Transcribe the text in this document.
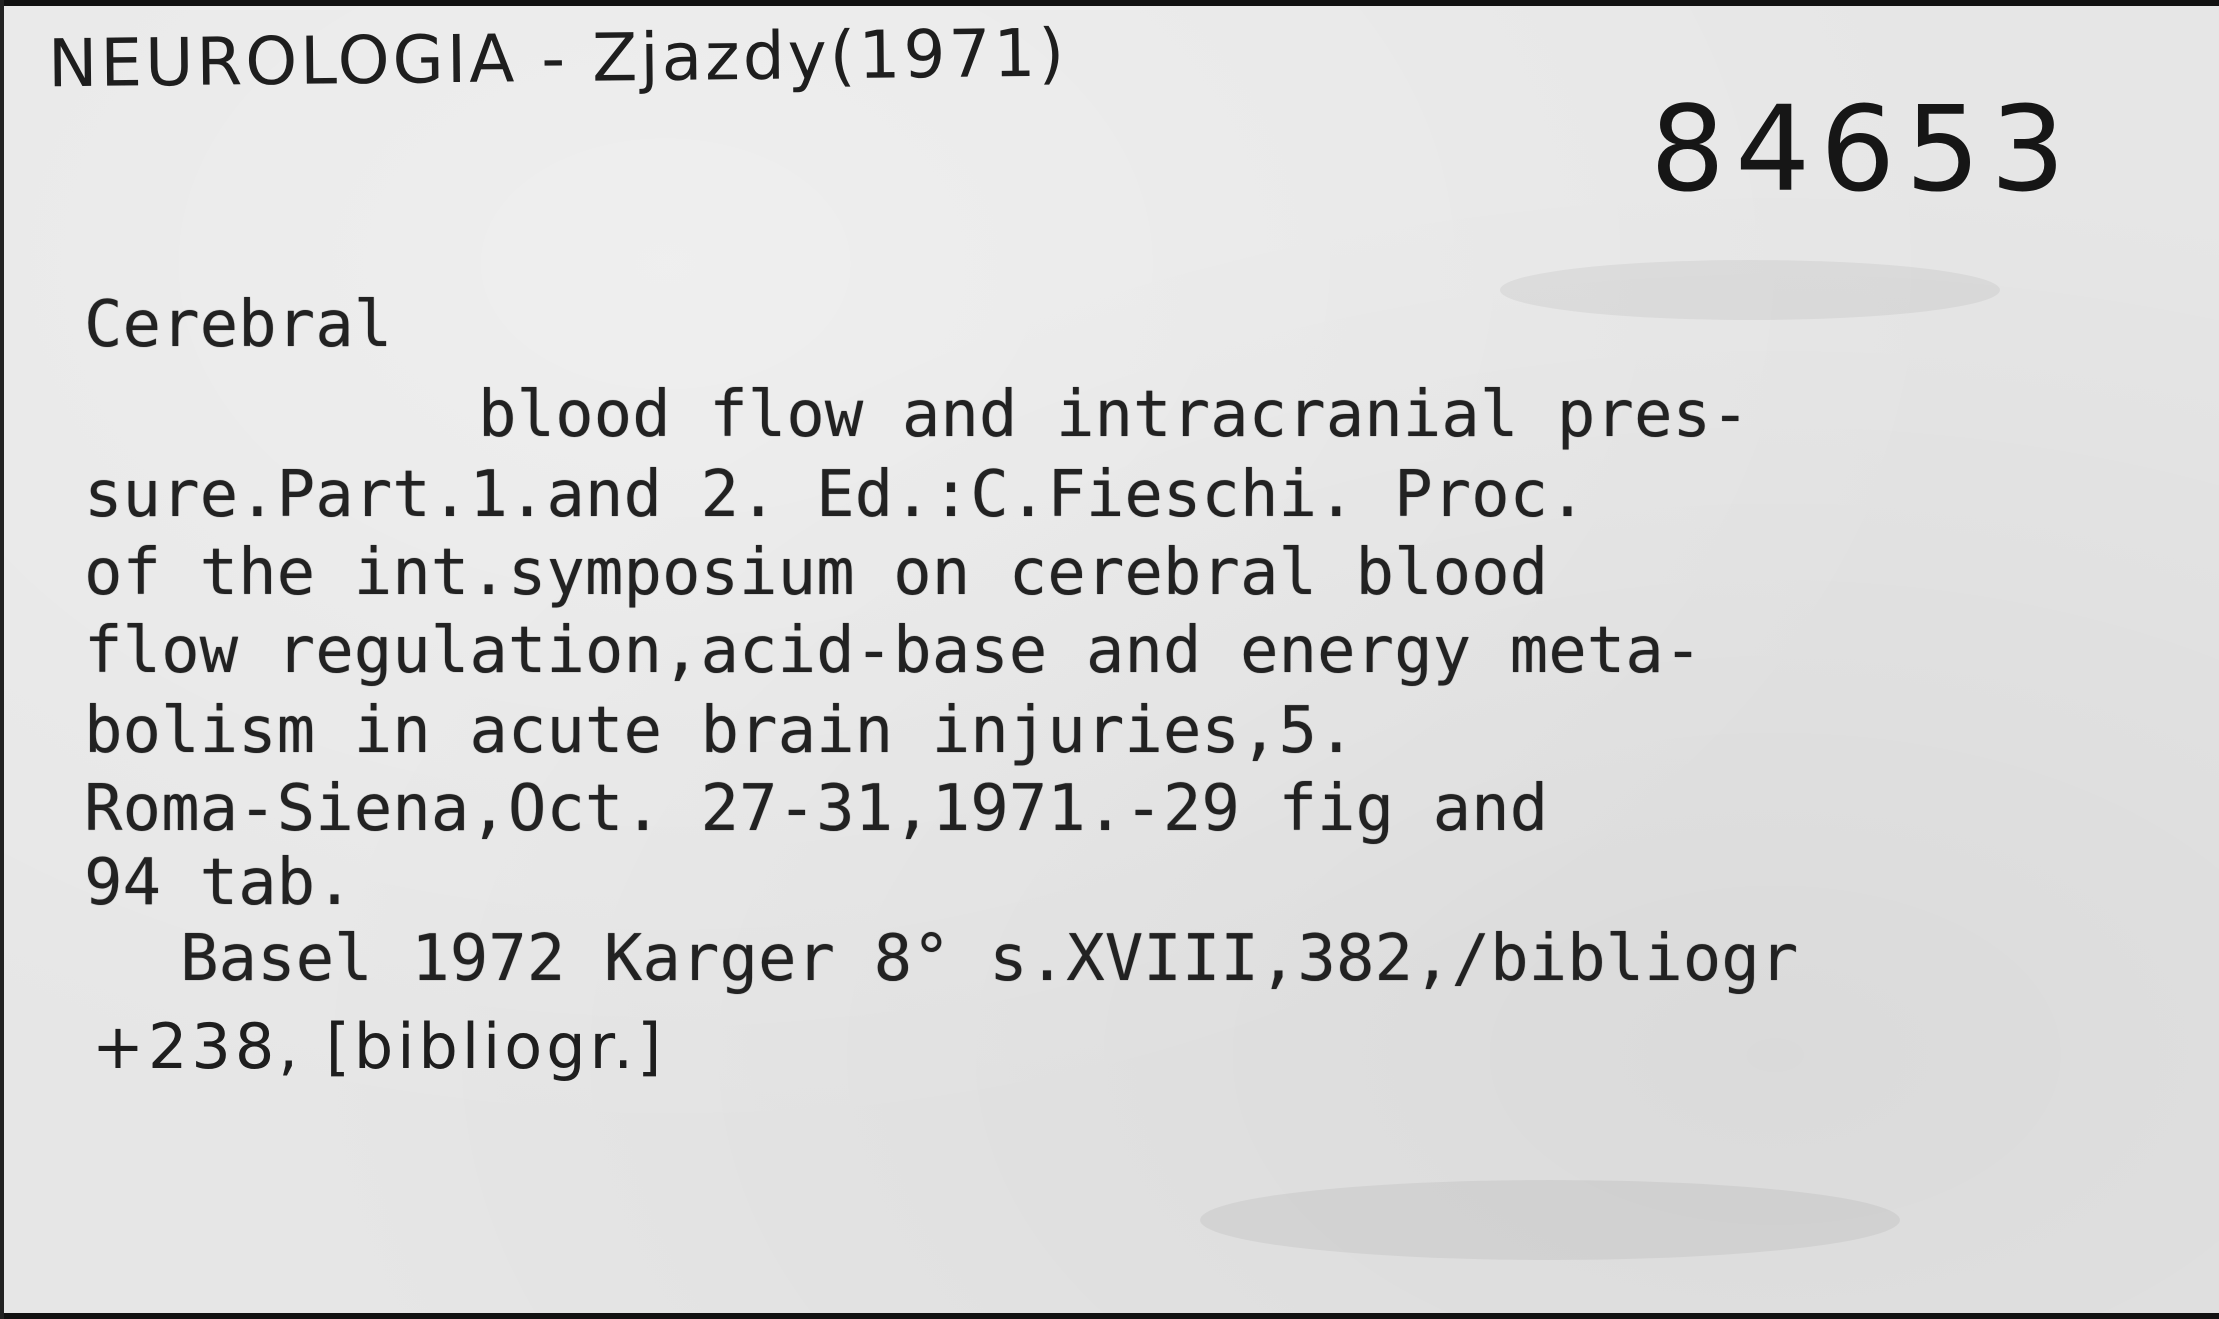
NEUROLOGIA - Zjazdy(1971)
84653
Cerebral
blood flow and intracranial pres-
sure.Part.1.and 2. Ed.:C.Fieschi. Proc.
of the int.symposium on cerebral blood
flow regulation,acid-base and energy meta-
bolism in acute brain injuries,5.
Roma-Siena,Oct. 27-31,1971.-29 fig and
94 tab.
Basel 1972 Karger 8° s.XVIII,382,/bibliogr
+238, [bibliogr.]
